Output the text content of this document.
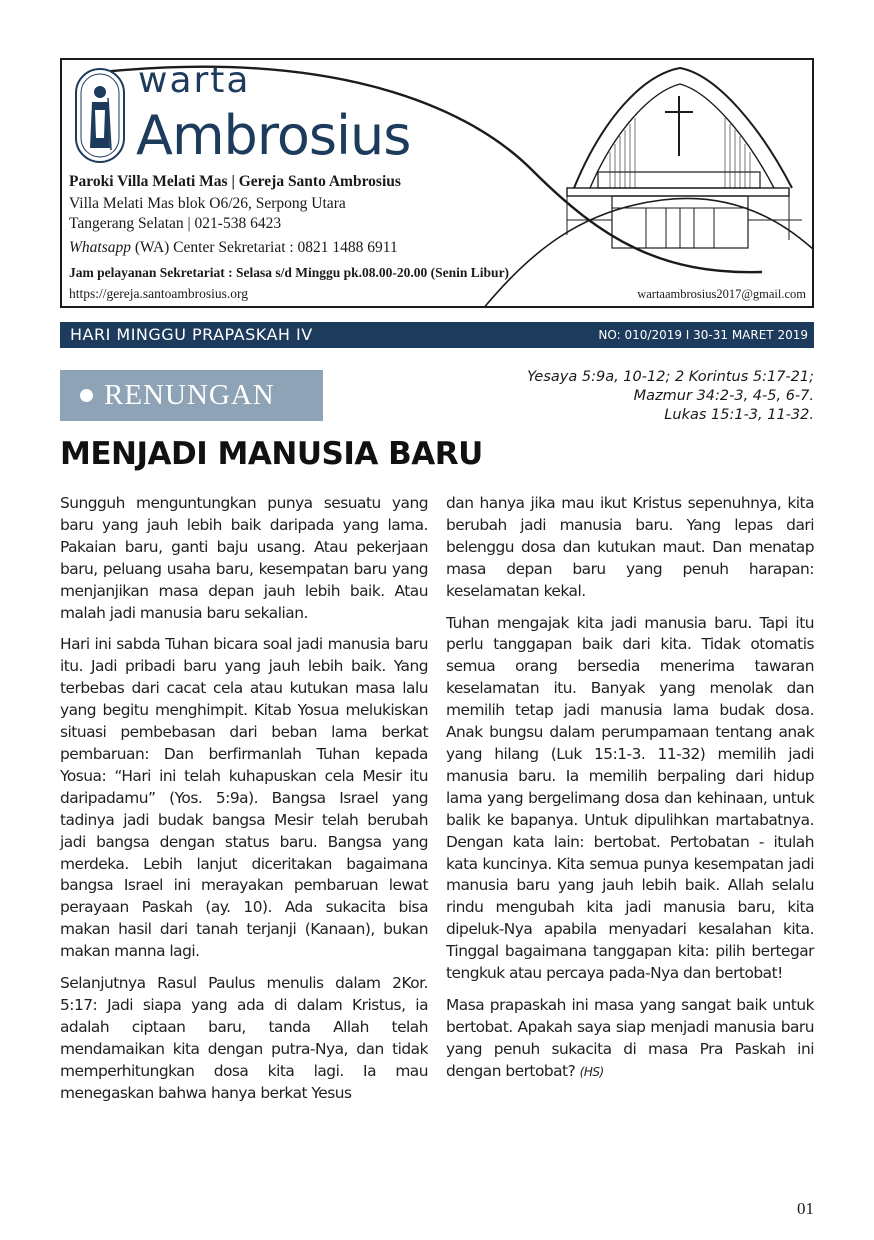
warta
Ambrosius
Paroki Villa Melati Mas | Gereja Santo Ambrosius
Villa Melati Mas blok O6/26, Serpong Utara
Tangerang Selatan | 021-538 6423
Whatsapp (WA) Center Sekretariat : 0821 1488 6911
Jam pelayanan Sekretariat : Selasa s/d Minggu pk.08.00-20.00 (Senin Libur)
https://gereja.santoambrosius.org	wartaambrosius2017@gmail.com
HARI MINGGU PRAPASKAH IV	NO: 010/2019 I 30-31 MARET 2019
RENUNGAN
Yesaya 5:9a, 10-12; 2 Korintus 5:17-21;
Mazmur 34:2-3, 4-5, 6-7.
Lukas 15:1-3, 11-32.
MENJADI MANUSIA BARU

Sungguh menguntungkan punya sesuatu yang baru yang jauh lebih baik daripada yang lama. Pakaian baru, ganti baju usang. Atau pekerjaan baru, peluang usaha baru, kesempatan baru yang menjanjikan masa depan jauh lebih baik. Atau malah jadi manusia baru sekalian.

Hari ini sabda Tuhan bicara soal jadi manusia baru itu. Jadi pribadi baru yang jauh lebih baik. Yang terbebas dari cacat cela atau kutukan masa lalu yang begitu menghimpit. Kitab Yosua melukiskan situasi pembebasan dari beban lama berkat pembaruan: Dan berfirmanlah Tuhan kepada Yosua: “Hari ini telah kuhapuskan cela Mesir itu daripadamu” (Yos. 5:9a). Bangsa Israel yang tadinya jadi budak bangsa Mesir telah berubah jadi bangsa dengan status baru. Bangsa yang merdeka. Lebih lanjut diceritakan bagaimana bangsa Israel ini merayakan pembaruan lewat perayaan Paskah (ay. 10). Ada sukacita bisa makan hasil dari tanah terjanji (Kanaan), bukan makan manna lagi.

Selanjutnya Rasul Paulus menulis dalam 2Kor. 5:17: Jadi siapa yang ada di dalam Kristus, ia adalah ciptaan baru, tanda Allah telah mendamaikan kita dengan putra-Nya, dan tidak memperhitungkan dosa kita lagi. Ia mau menegaskan bahwa hanya berkat Yesus

dan hanya jika mau ikut Kristus sepenuhnya, kita berubah jadi manusia baru. Yang lepas dari belenggu dosa dan kutukan maut. Dan menatap masa depan baru yang penuh harapan: keselamatan kekal.

Tuhan mengajak kita jadi manusia baru. Tapi itu perlu tanggapan baik dari kita. Tidak otomatis semua orang bersedia menerima tawaran keselamatan itu. Banyak yang menolak dan memilih tetap jadi manusia lama budak dosa. Anak bungsu dalam perumpamaan tentang anak yang hilang (Luk 15:1-3. 11-32) memilih jadi manusia baru. Ia memilih berpaling dari hidup lama yang bergelimang dosa dan kehinaan, untuk balik ke bapanya. Untuk dipulihkan martabatnya. Dengan kata lain: bertobat. Pertobatan - itulah kata kuncinya. Kita semua punya kesempatan jadi manusia baru yang jauh lebih baik. Allah selalu rindu mengubah kita jadi manusia baru, kita dipeluk-Nya apabila menyadari kesalahan kita. Tinggal bagaimana tanggapan kita: pilih bertegar tengkuk atau percaya pada-Nya dan bertobat!

Masa prapaskah ini masa yang sangat baik untuk bertobat. Apakah saya siap menjadi manusia baru yang penuh sukacita di masa Pra Paskah ini dengan bertobat? (HS)

01
